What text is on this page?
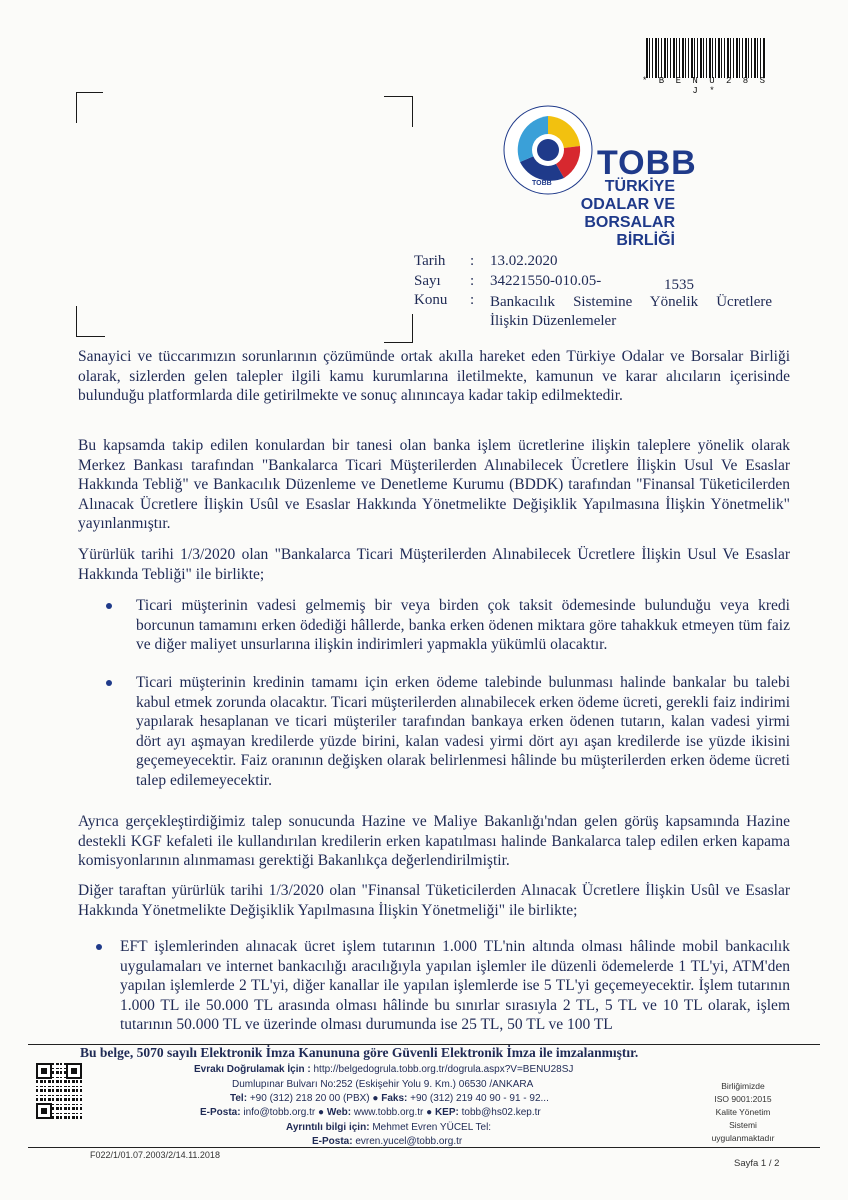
* B E N U 2 8 S J *
TOBB
TOBB
TÜRKİYE
ODALAR VE BORSALAR
BİRLİĞİ
Tarih : 13.02.2020
Sayı : 34221550-010.05-	1535
Konu : Bankacılık Sistemine Yönelik Ücretlere
İlişkin Düzenlemeler

Sanayici ve tüccarımızın sorunlarının çözümünde ortak akılla hareket eden Türkiye Odalar ve Borsalar Birliği olarak, sizlerden gelen talepler ilgili kamu kurumlarına iletilmekte, kamunun ve karar alıcıların içerisinde bulunduğu platformlarda dile getirilmekte ve sonuç alınıncaya kadar takip edilmektedir.

Bu kapsamda takip edilen konulardan bir tanesi olan banka işlem ücretlerine ilişkin taleplere yönelik olarak Merkez Bankası tarafından "Bankalarca Ticari Müşterilerden Alınabilecek Ücretlere İlişkin Usul Ve Esaslar Hakkında Tebliğ" ve Bankacılık Düzenleme ve Denetleme Kurumu (BDDK) tarafından "Finansal Tüketicilerden Alınacak Ücretlere İlişkin Usûl ve Esaslar Hakkında Yönetmelikte Değişiklik Yapılmasına İlişkin Yönetmelik" yayınlanmıştır.

Yürürlük tarihi 1/3/2020 olan "Bankalarca Ticari Müşterilerden Alınabilecek Ücretlere İlişkin Usul Ve Esaslar Hakkında Tebliği" ile birlikte;

Ticari müşterinin vadesi gelmemiş bir veya birden çok taksit ödemesinde bulunduğu veya kredi borcunun tamamını erken ödediği hâllerde, banka erken ödenen miktara göre tahakkuk etmeyen tüm faiz ve diğer maliyet unsurlarına ilişkin indirimleri yapmakla yükümlü olacaktır.

Ticari müşterinin kredinin tamamı için erken ödeme talebinde bulunması halinde bankalar bu talebi kabul etmek zorunda olacaktır. Ticari müşterilerden alınabilecek erken ödeme ücreti, gerekli faiz indirimi yapılarak hesaplanan ve ticari müşteriler tarafından bankaya erken ödenen tutarın, kalan vadesi yirmi dört ayı aşmayan kredilerde yüzde birini, kalan vadesi yirmi dört ayı aşan kredilerde ise yüzde ikisini geçemeyecektir. Faiz oranının değişken olarak belirlenmesi hâlinde bu müşterilerden erken ödeme ücreti talep edilemeyecektir.

Ayrıca gerçekleştirdiğimiz talep sonucunda Hazine ve Maliye Bakanlığı'ndan gelen görüş kapsamında Hazine destekli KGF kefaleti ile kullandırılan kredilerin erken kapatılması halinde Bankalarca talep edilen erken kapama komisyonlarının alınmaması gerektiği Bakanlıkça değerlendirilmiştir.

Diğer taraftan yürürlük tarihi 1/3/2020 olan "Finansal Tüketicilerden Alınacak Ücretlere İlişkin Usûl ve Esaslar Hakkında Yönetmelikte Değişiklik Yapılmasına İlişkin Yönetmeliği" ile birlikte;

EFT işlemlerinden alınacak ücret işlem tutarının 1.000 TL'nin altında olması hâlinde mobil bankacılık uygulamaları ve internet bankacılığı aracılığıyla yapılan işlemler ile düzenli ödemelerde 1 TL'yi, ATM'den yapılan işlemlerde 2 TL'yi, diğer kanallar ile yapılan işlemlerde ise 5 TL'yi geçemeyecektir. İşlem tutarının 1.000 TL ile 50.000 TL arasında olması hâlinde bu sınırlar sırasıyla 2 TL, 5 TL ve 10 TL olarak, işlem tutarının 50.000 TL ve üzerinde olması durumunda ise 25 TL, 50 TL ve 100 TL

Bu belge, 5070 sayılı Elektronik İmza Kanununa göre Güvenli Elektronik İmza ile imzalanmıştır.
Evrakı Doğrulamak İçin : http://belgedogrula.tobb.org.tr/dogrula.aspx?V=BENU28SJ
Dumlupınar Bulvarı No:252 (Eskişehir Yolu 9. Km.) 06530 /ANKARA
Tel: +90 (312) 218 20 00 (PBX) ● Faks: +90 (312) 219 40 90 - 91 - 92...
E-Posta: info@tobb.org.tr ● Web: www.tobb.org.tr ● KEP: tobb@hs02.kep.tr
Ayrıntılı bilgi için: Mehmet Evren YÜCEL Tel:
E-Posta: evren.yucel@tobb.org.tr
Birliğimizde
ISO 9001:2015
Kalite Yönetim
Sistemi
uygulanmaktadır
F022/1/01.07.2003/2/14.11.2018
Sayfa 1 / 2
